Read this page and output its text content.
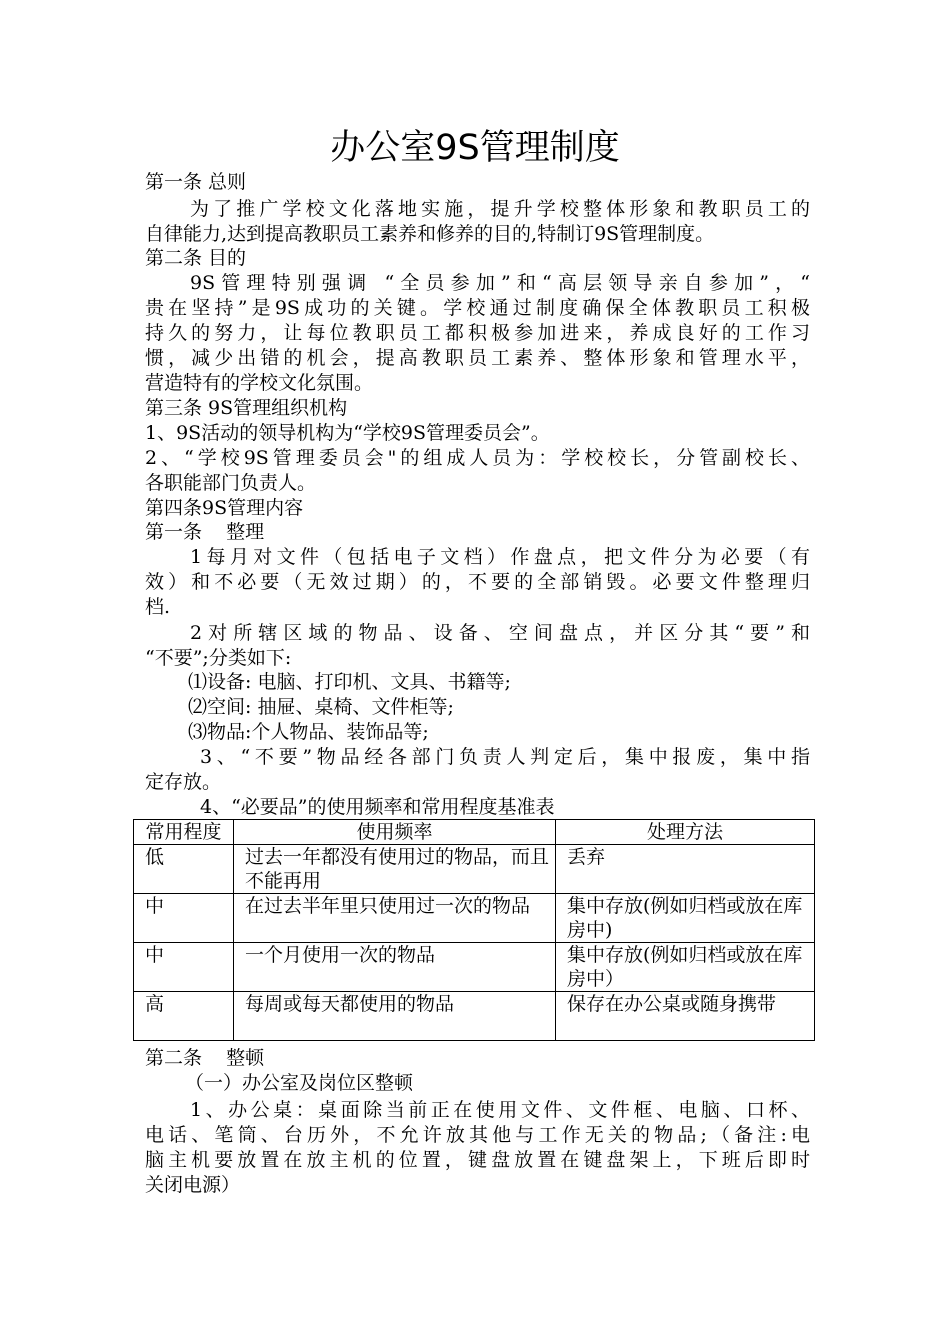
办公室9S管理制度
第一条 总则
为了推广学校文化落地实施，提升学校整体形象和教职员工的
自律能力,达到提高教职员工素养和修养的目的,特制订9S管理制度。
第二条 目的
9S管理特别强调 “全员参加”和“高层领导亲自参加”，“
贵在坚持”是9S成功的关键。学校通过制度确保全体教职员工积极
持久的努力，让每位教职员工都积极参加进来，养成良好的工作习
惯，减少出错的机会，提高教职员工素养、整体形象和管理水平，
营造特有的学校文化氛围。
第三条 9S管理组织机构
1、9S活动的领导机构为“学校9S管理委员会”。
2、“学校9S管理委员会"的组成人员为：学校校长，分管副校长、
各职能部门负责人。
第四条9S管理内容
第一条    整理
1每月对文件（包括电子文档）作盘点，把文件分为必要（有
效）和不必要（无效过期）的，不要的全部销毁。必要文件整理归
档.
2对所辖区域的物品、设备、空间盘点，并区分其“要”和
“不要”;分类如下:
⑴设备: 电脑、打印机、文具、书籍等;
⑵空间: 抽屉、桌椅、文件柜等;
⑶物品:个人物品、装饰品等;
3、“不要”物品经各部门负责人判定后，集中报废，集中指
定存放。
4、“必要品”的使用频率和常用程度基准表
常用程度	使用频率	处理方法
低	过去一年都没有使用过的物品，而且不能再用	丢弃
中	在过去半年里只使用过一次的物品	集中存放(例如归档或放在库房中)
中	一个月使用一次的物品	集中存放(例如归档或放在库房中）
高	每周或每天都使用的物品	保存在办公桌或随身携带
第二条    整顿
（一）办公室及岗位区整顿
1、办公桌：桌面除当前正在使用文件、文件框、电脑、口杯、
电话、笔筒、台历外，不允许放其他与工作无关的物品;（备注:电
脑主机要放置在放主机的位置，键盘放置在键盘架上，下班后即时
关闭电源）
